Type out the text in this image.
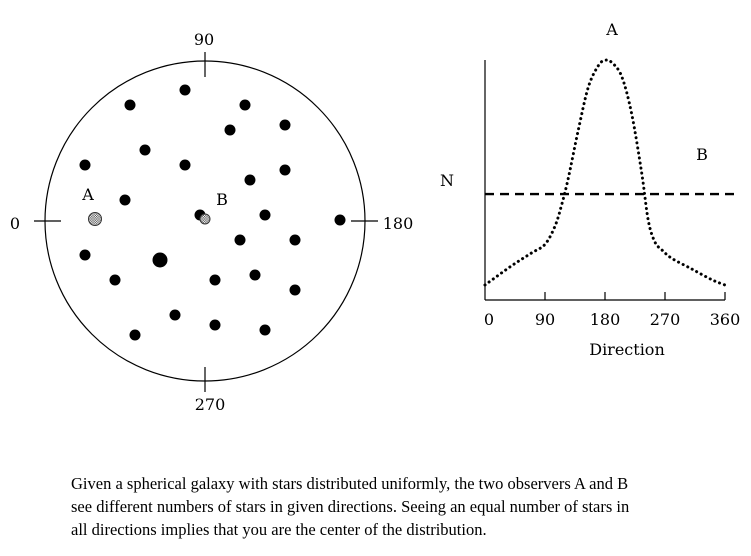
90
0	180
270
A	B
0	90 180 270 360
N
Direction
A
B
Given a spherical galaxy with stars distributed uniformly, the two observers A and B
see different numbers of stars in given directions. Seeing an equal number of stars in
all directions implies that you are the center of the distribution.
